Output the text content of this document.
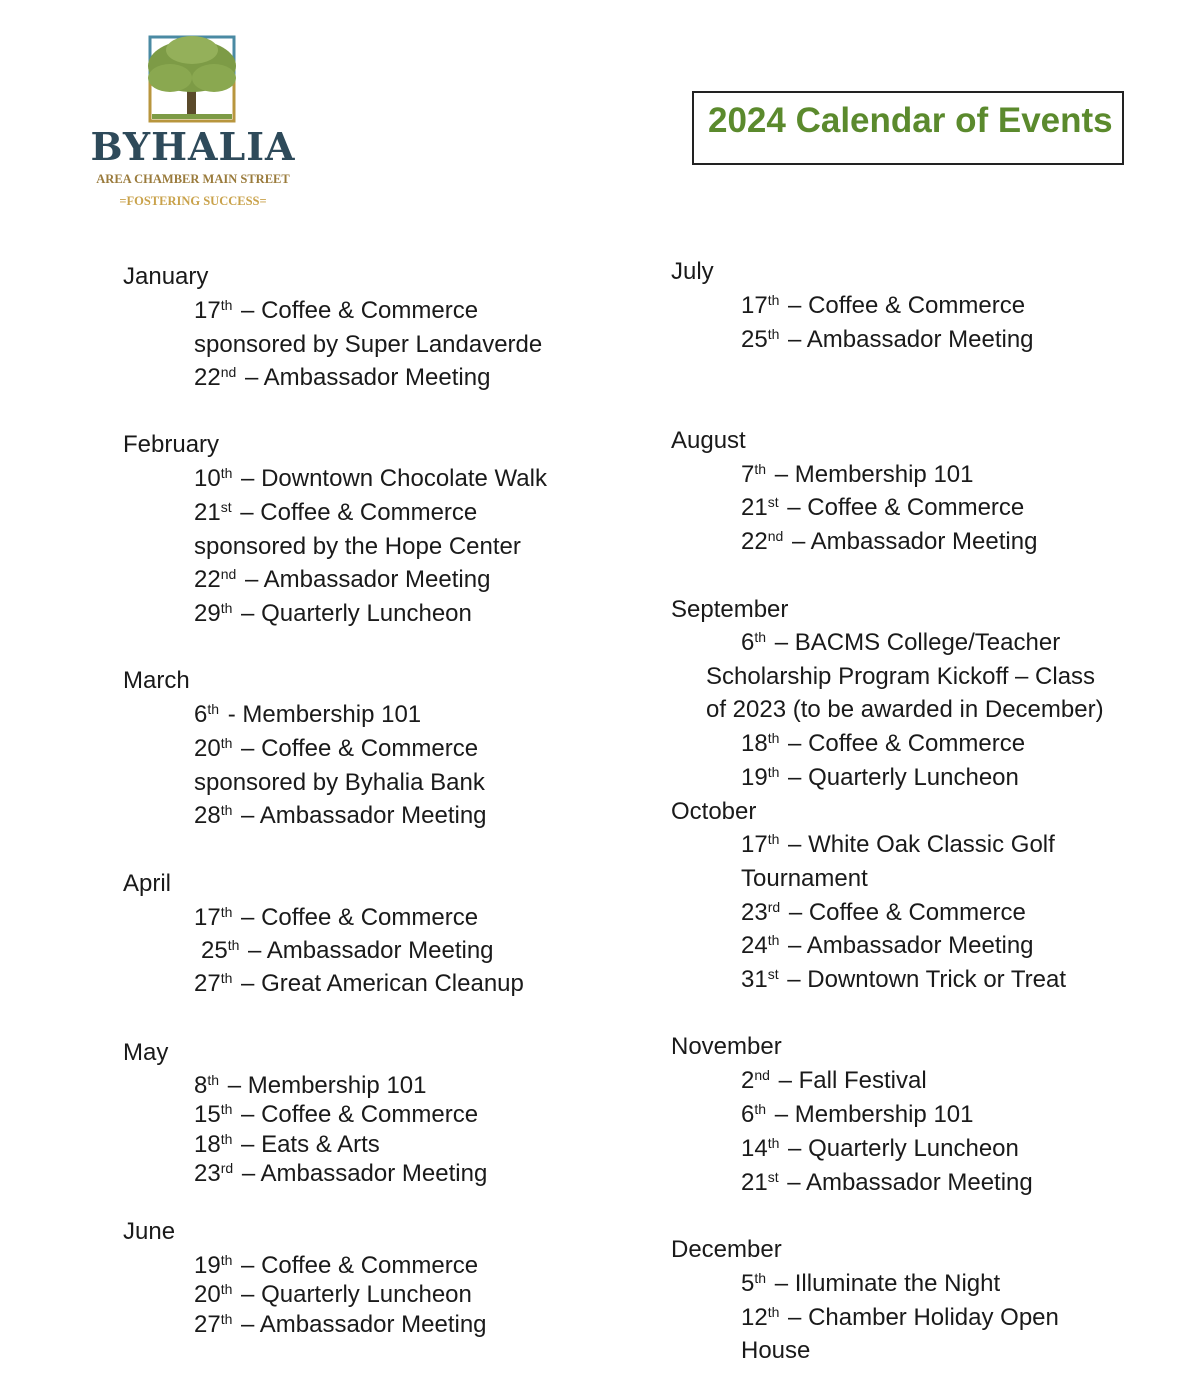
BYHALIA
AREA CHAMBER MAIN STREET
=FOSTERING SUCCESS=
2024 Calendar of Events
January
17th – Coffee & Commerce
sponsored by Super Landaverde
22nd – Ambassador Meeting
February
10th – Downtown Chocolate Walk
21st – Coffee & Commerce
sponsored by the Hope Center
22nd – Ambassador Meeting
29th – Quarterly Luncheon
March
6th - Membership 101
20th – Coffee & Commerce
sponsored by Byhalia Bank
28th – Ambassador Meeting
April
17th – Coffee & Commerce
25th – Ambassador Meeting
27th – Great American Cleanup
May
8th – Membership 101
15th – Coffee & Commerce
18th – Eats & Arts
23rd – Ambassador Meeting
June
19th – Coffee & Commerce
20th – Quarterly Luncheon
27th – Ambassador Meeting
July
17th – Coffee & Commerce
25th – Ambassador Meeting
August
7th – Membership 101
21st – Coffee & Commerce
22nd – Ambassador Meeting
September
6th – BACMS College/Teacher
Scholarship Program Kickoff – Class
of 2023 (to be awarded in December)
18th – Coffee & Commerce
19th – Quarterly Luncheon
October
17th – White Oak Classic Golf
Tournament
23rd – Coffee & Commerce
24th – Ambassador Meeting
31st – Downtown Trick or Treat
November
2nd – Fall Festival
6th – Membership 101
14th – Quarterly Luncheon
21st – Ambassador Meeting
December
5th – Illuminate the Night
12th – Chamber Holiday Open
House
